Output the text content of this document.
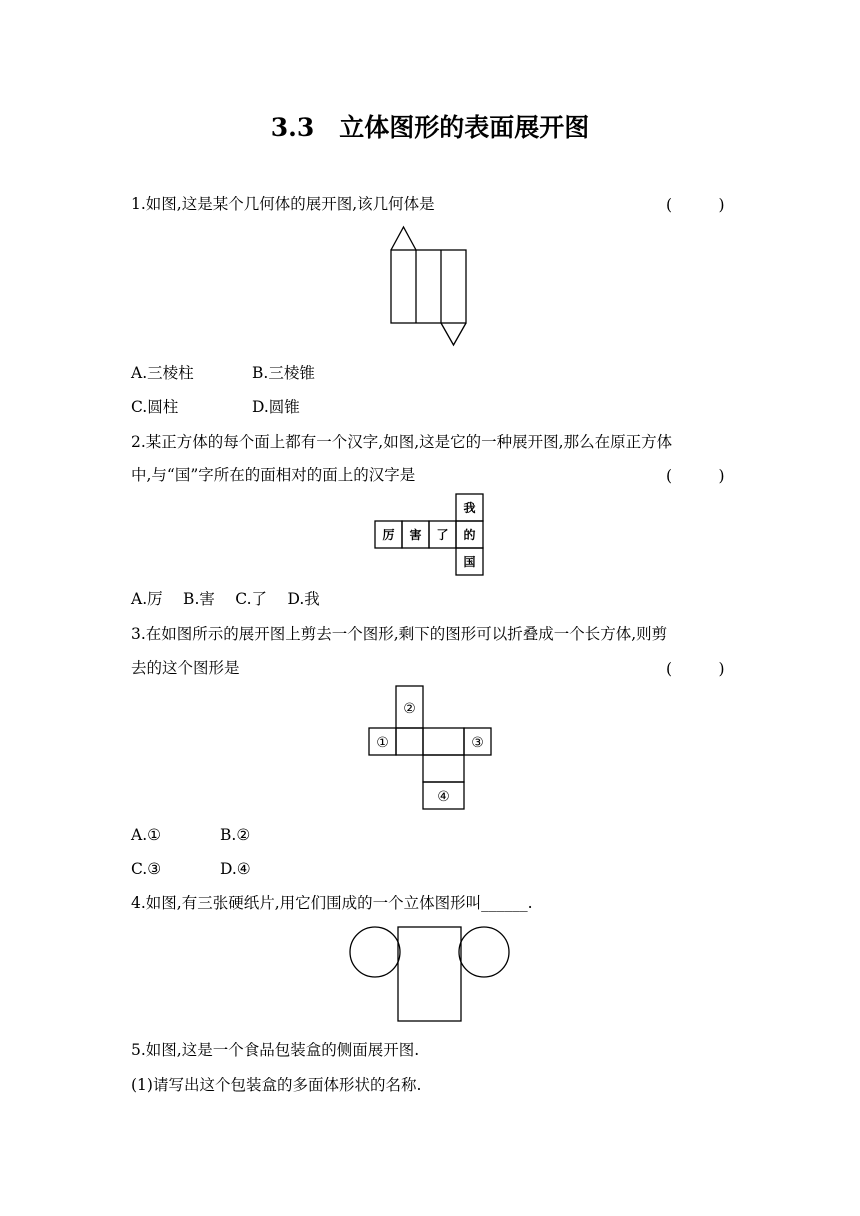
3.3　立体图形的表面展开图
1.如图,这是某个几何体的展开图,该几何体是	(　　　)
A.三棱柱	B.三棱锥
C.圆柱	D.圆锥
2.某正方体的每个面上都有一个汉字,如图,这是它的一种展开图,那么在原正方体
中,与“国”字所在的面相对的面上的汉字是	(　　　)
厉 害 了
我
的
国
A.厉　 B.害　 C.了　 D.我
3.在如图所示的展开图上剪去一个图形,剩下的图形可以折叠成一个长方体,则剪
去的这个图形是	(　　　)
②
①	③
④
A.①	B.②
C.③	D.④
4.如图,有三张硬纸片,用它们围成的一个立体图形叫______.
5.如图,这是一个食品包装盒的侧面展开图.
(1)请写出这个包装盒的多面体形状的名称.
